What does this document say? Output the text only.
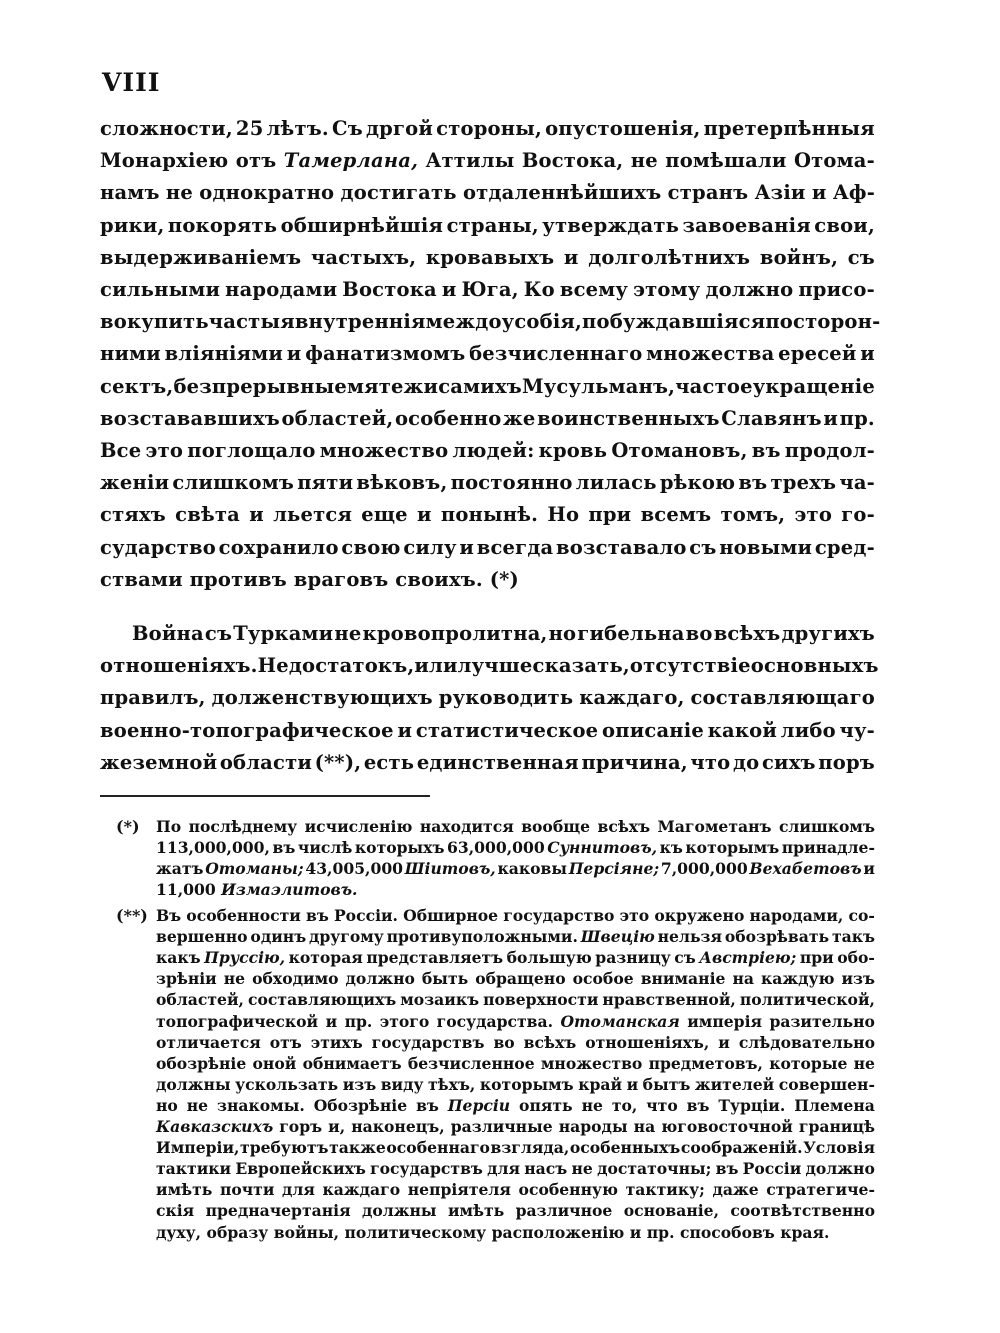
VIII
сложности, 25 лѣтъ. Съ дргой стороны, опустошенія, претерпѣнныя
Монархіею отъ Тамерлана, Аттилы Востока, не помѣшали Отома-
намъ не однократно достигать отдаленнѣйшихъ странъ Азіи и Аф-
рики, покорять обширнѣйшія страны, утверждать завоеванія свои,
выдерживаніемъ частыхъ, кровавыхъ и долголѣтнихъ войнъ, съ
сильными народами Востока и Юга, Ко всему этому должно присо-
вокупить частыя внутреннія междоусобія, побуждавшіяся посторон-
ними вліяніями и фанатизмомъ безчисленнаго множества ересей и
сектъ, безпрерывные мятежи самихъ Мусульманъ, частое укращеніе
возстававшихъ областей, особенно же воинственныхъ Славянъ и пр.
Все это поглощало множество людей: кровь Отомановъ, въ продол-
женіи слишкомъ пяти вѣковъ, постоянно лилась рѣкою въ трехъ ча-
стяхъ свѣта и льется еще и понынѣ. Но при всемъ томъ, это го-
сударство сохранило свою силу и всегда возставало съ новыми сред-
ствами противъ враговъ своихъ. (*)
Война съ Турками не кровопролитна, но гибельна во всѣхъ другихъ
отношеніяхъ. Недостатокъ, или лучше сказать, отсутствіе основныхъ
правилъ, долженствующихъ руководить каждаго, составляющаго
военно-топографическое и статистическое описаніе какой либо чу-
жеземной области (**), есть единственная причина, что до сихъ поръ
(*) По послѣднему исчисленію находится вообще всѣхъ Магометанъ слишкомъ
113,000,000, въ числѣ которыхъ 63,000,000 Суннитовъ, къ которымъ принадле-
жатъ Отоманы; 43,005,000 Шіитовъ, каковы Персіяне; 7,000,000 Вехабетовъ и
11,000 Измаэлитовъ.
(**) Въ особенности въ Россіи. Обширное государство это окружено народами, со-
вершенно одинъ другому противуположными. Швецію нельзя обозрѣвать такъ
какъ Пруссію, которая представляетъ большую разницу съ Австріею; при обо-
зрѣніи не обходимо должно быть обращено особое вниманіе на каждую изъ
областей, составляющихъ мозаикъ поверхности нравственной, политической,
топографической и пр. этого государства. Отоманская имперія разительно
отличается отъ этихъ государствъ во всѣхъ отношеніяхъ, и слѣдовательно
обозрѣніе оной обнимаетъ безчисленное множество предметовъ, которые не
должны ускользать изъ виду тѣхъ, которымъ край и бытъ жителей совершен-
но не знакомы. Обозрѣніе въ Персіи опять не то, что въ Турціи. Племена
Кавказскихъ горъ и, наконецъ, различные народы на юговосточной границѣ
Имперіи, требуютъ также особеннаго взгляда, особенныхъ соображеній. Условія
тактики Европейскихъ государствъ для насъ не достаточны; въ Россіи должно
имѣть почти для каждаго непріятеля особенную тактику; даже стратегиче-
скія предначертанія должны имѣть различное основаніе, соотвѣтственно
духу, образу войны, политическому расположенію и пр. способовъ края.
